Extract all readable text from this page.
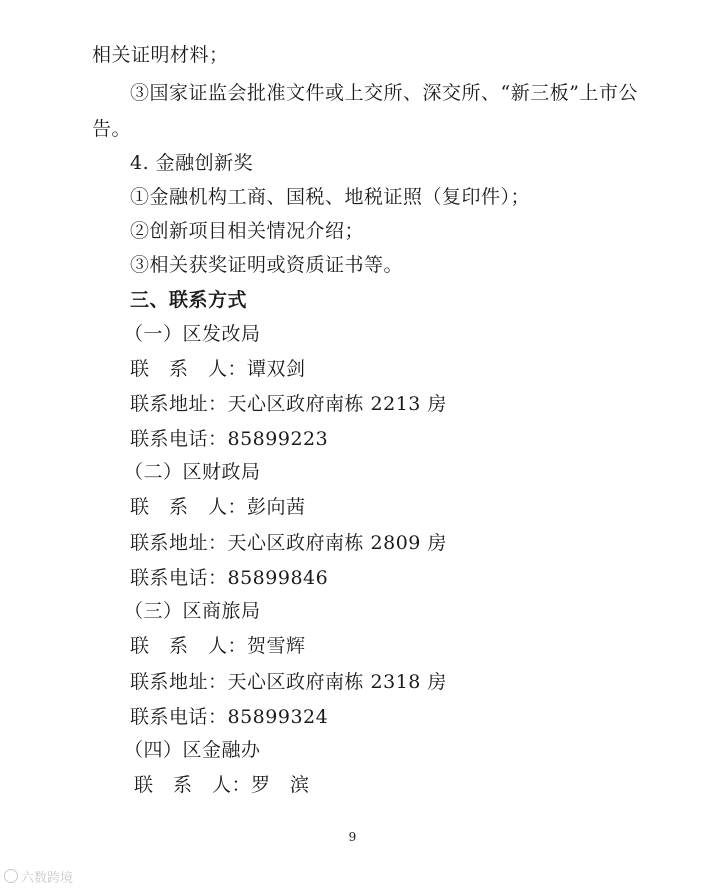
相关证明材料；
③国家证监会批准文件或上交所、深交所、“新三板”上市公
告。
4. 金融创新奖
①金融机构工商、国税、地税证照（复印件）；
②创新项目相关情况介绍；
③相关获奖证明或资质证书等。
三、联系方式
（一）区发改局
联　系　人：谭双剑
联系地址：天心区政府南栋 2213 房
联系电话：85899223
（二）区财政局
联　系　人：彭向茜
联系地址：天心区政府南栋 2809 房
联系电话：85899846
（三）区商旅局
联　系　人：贺雪辉
联系地址：天心区政府南栋 2318 房
联系电话：85899324
（四）区金融办
联　系　人：罗　滨
9
六数跨境
